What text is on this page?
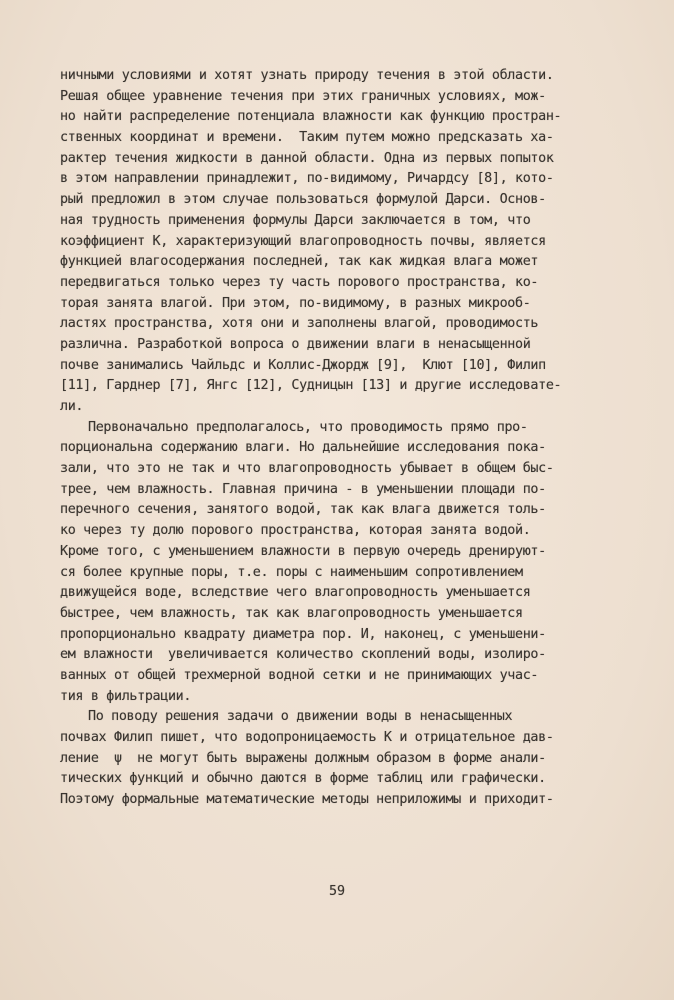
ничными условиями и хотят узнать природу течения в этой области.
Решая общее уравнение течения при этих граничных условиях, мож-
но найти распределение потенциала влажности как функцию простран-
ственных координат и времени.  Таким путем можно предсказать ха-
рактер течения жидкости в данной области. Одна из первых попыток
в этом направлении принадлежит, по-видимому, Ричардсу [8], кото-
рый предложил в этом случае пользоваться формулой Дарси. Основ-
ная трудность применения формулы Дарси заключается в том, что
коэффициент К, характеризующий влагопроводность почвы, является
функцией влагосодержания последней, так как жидкая влага может
передвигаться только через ту часть порового пространства, ко-
торая занята влагой. При этом, по-видимому, в разных микрооб-
ластях пространства, хотя они и заполнены влагой, проводимость
различна. Разработкой вопроса о движении влаги в ненасыщенной
почве занимались Чайльдс и Коллис-Джордж [9],  Клют [10], Филип
[11], Гарднер [7], Янгс [12], Судницын [13] и другие исследовате-
ли.
Первоначально предполагалось, что проводимость прямо про-
порциональна содержанию влаги. Но дальнейшие исследования пока-
зали, что это не так и что влагопроводность убывает в общем быс-
трее, чем влажность. Главная причина - в уменьшении площади по-
перечного сечения, занятого водой, так как влага движется толь-
ко через ту долю порового пространства, которая занята водой.
Кроме того, с уменьшением влажности в первую очередь дренируют-
ся более крупные поры, т.е. поры с наименьшим сопротивлением
движущейся воде, вследствие чего влагопроводность уменьшается
быстрее, чем влажность, так как влагопроводность уменьшается
пропорционально квадрату диаметра пор. И, наконец, с уменьшени-
ем влажности  увеличивается количество скоплений воды, изолиро-
ванных от общей трехмерной водной сетки и не принимающих учас-
тия в фильтрации.
По поводу решения задачи о движении воды в ненасыщенных
почвах Филип пишет, что водопроницаемость К и отрицательное дав-
ление  ψ  не могут быть выражены должным образом в форме анали-
тических функций и обычно даются в форме таблиц или графически.
Поэтому формальные математические методы неприложимы и приходит-
59
